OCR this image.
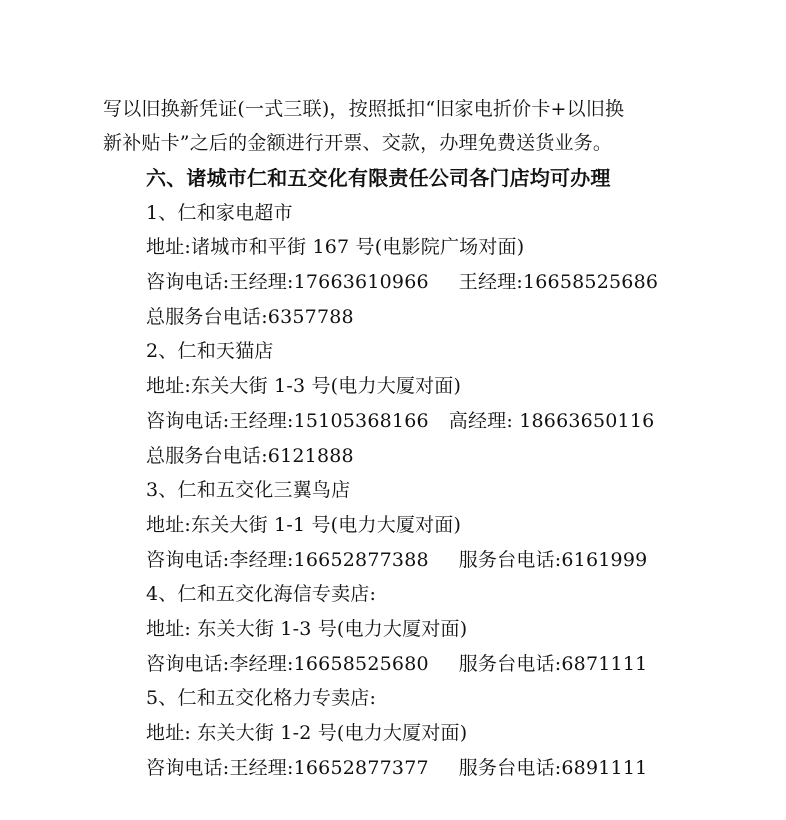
写以旧换新凭证(一式三联)，按照抵扣“旧家电折价卡+以旧换
新补贴卡”之后的金额进行开票、交款，办理免费送货业务。
六、诸城市仁和五交化有限责任公司各门店均可办理
1、仁和家电超市
地址:诸城市和平街 167 号(电影院广场对面)
咨询电话:王经理:17663610966 王经理:16658525686
总服务台电话:6357788
2、仁和天猫店
地址:东关大街 1-3 号(电力大厦对面)
咨询电话:王经理:15105368166 高经理: 18663650116
总服务台电话:6121888
3、仁和五交化三翼鸟店
地址:东关大街 1-1 号(电力大厦对面)
咨询电话:李经理:16652877388 服务台电话:6161999
4、仁和五交化海信专卖店:
地址: 东关大街 1-3 号(电力大厦对面)
咨询电话:李经理:16658525680 服务台电话:6871111
5、仁和五交化格力专卖店:
地址: 东关大街 1-2 号(电力大厦对面)
咨询电话:王经理:16652877377 服务台电话:6891111
